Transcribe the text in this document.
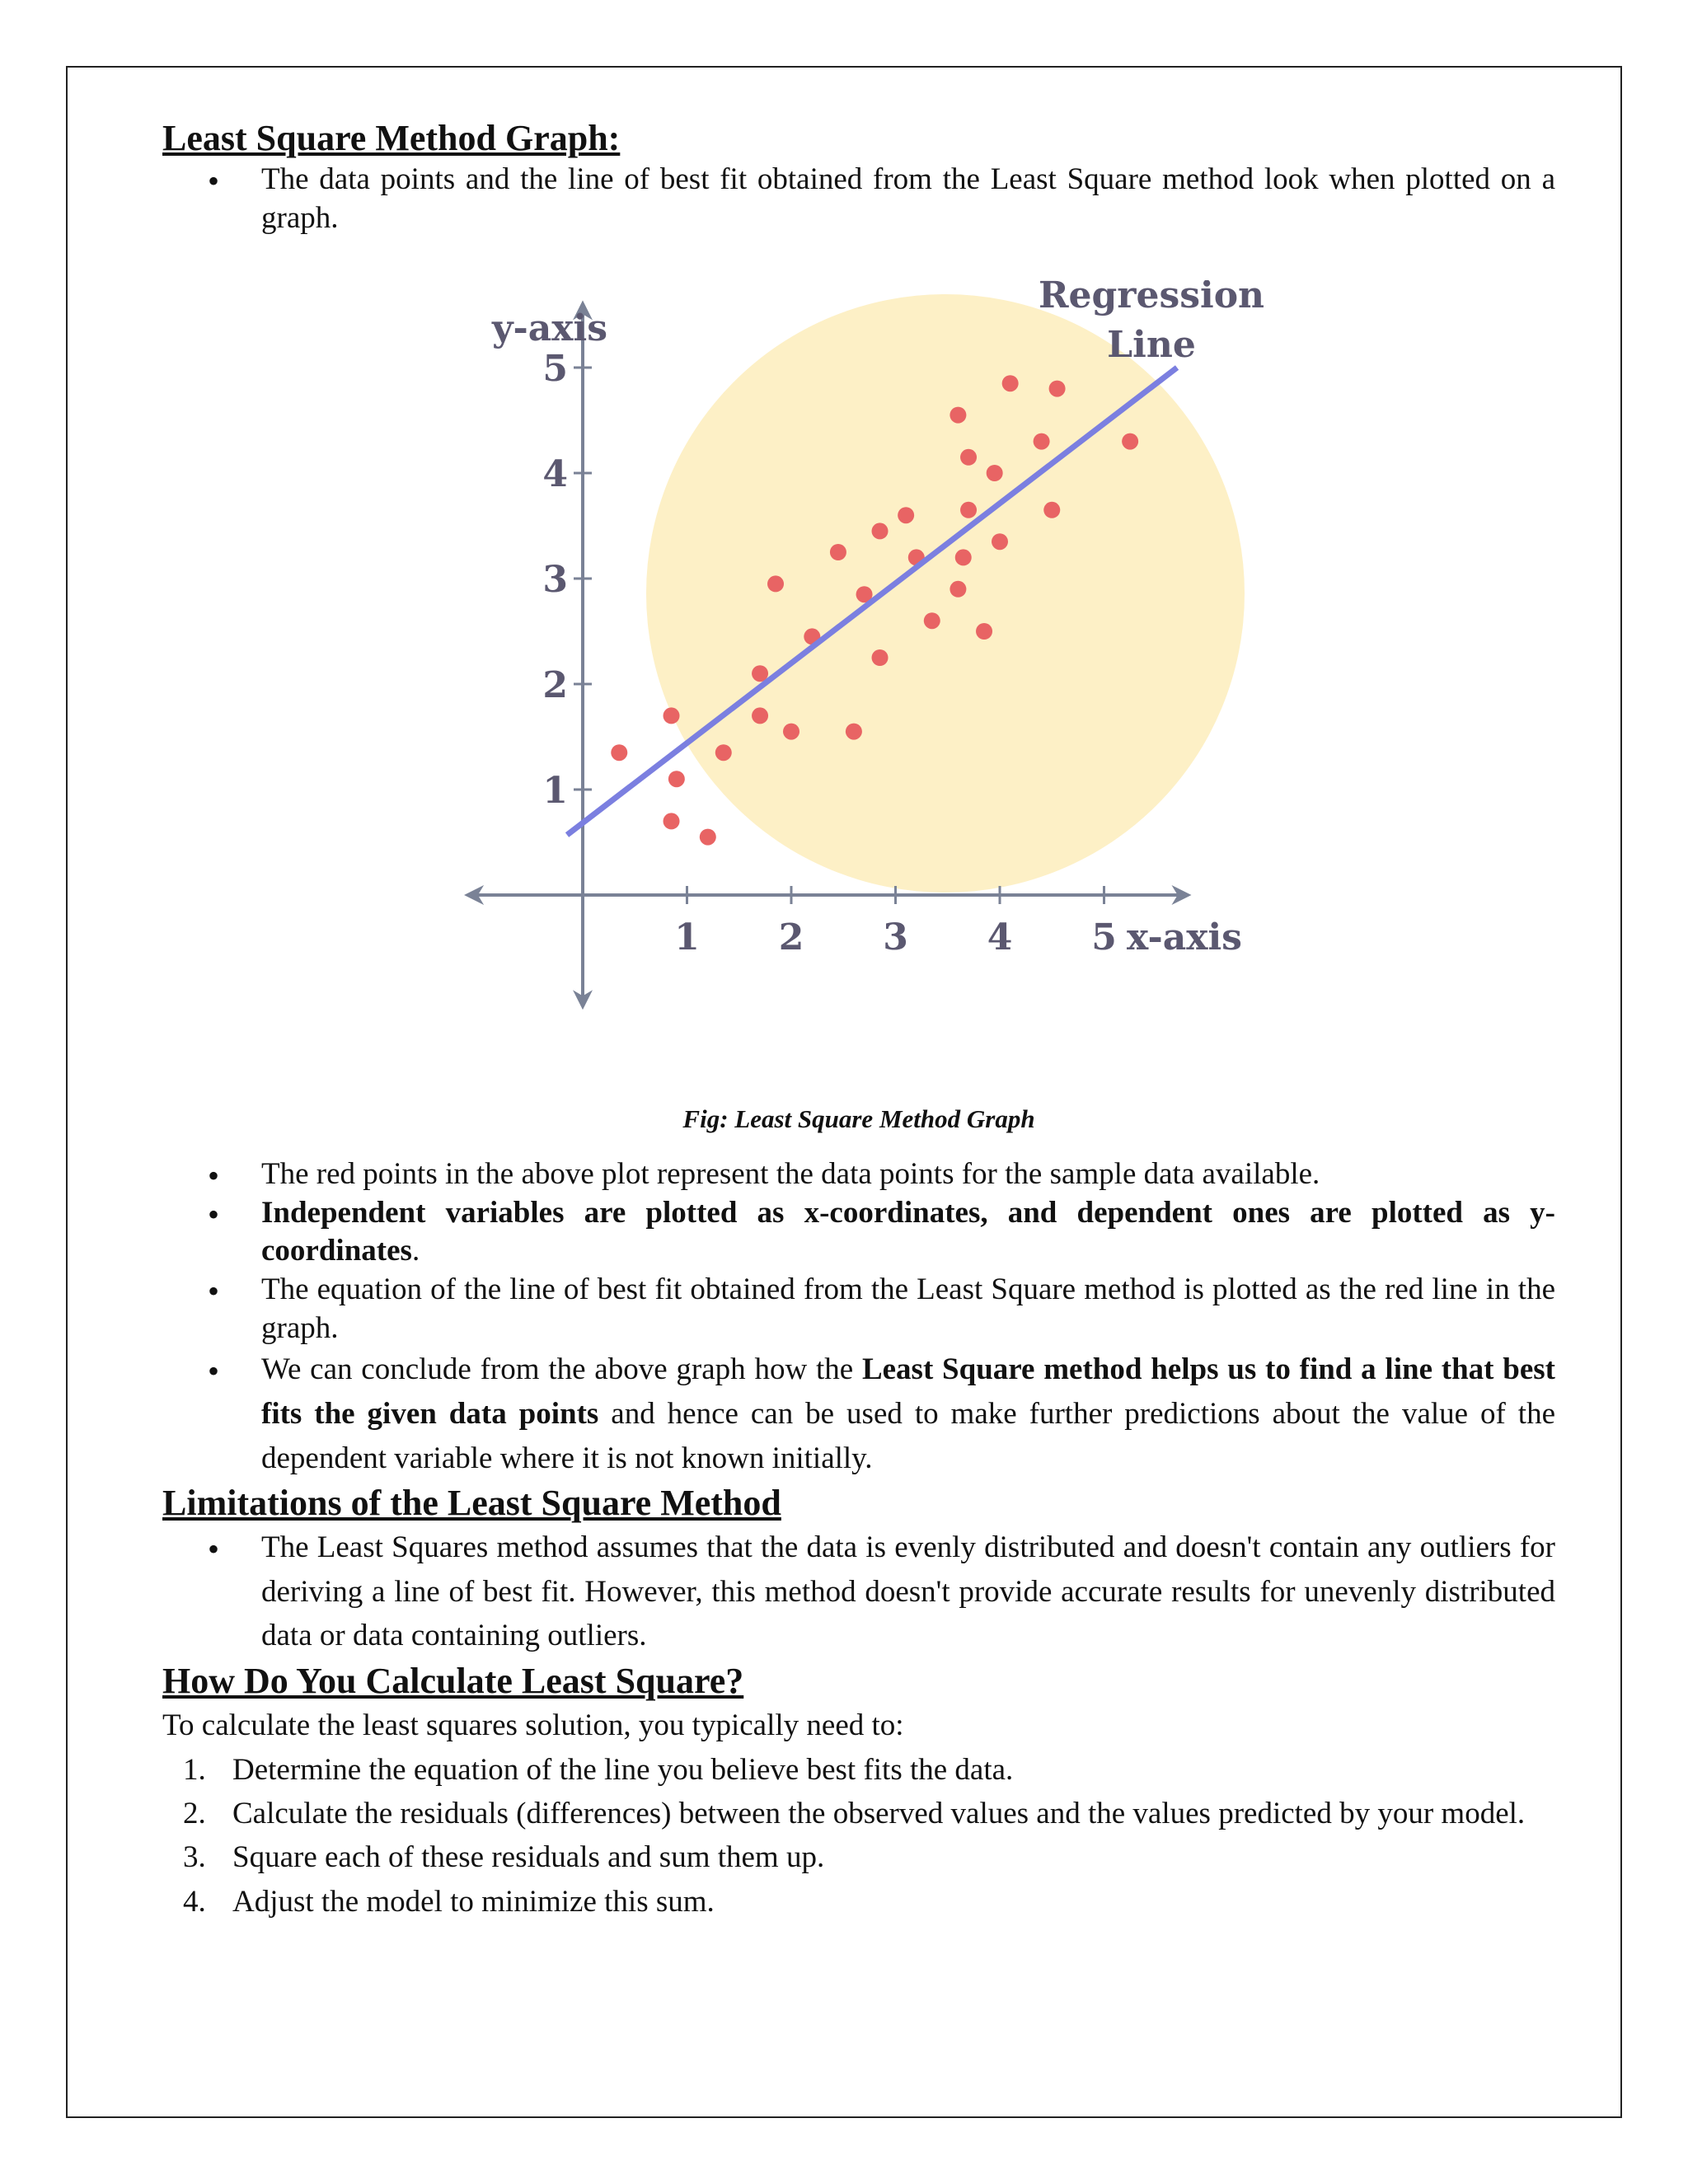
Least Square Method Graph:
• The data points and the line of best fit obtained from the Least Square method look when plotted on a graph.
1 2 3 4 5
1
2
3
4
5
y-axis
x-axis
Regression
Line
Fig: Least Square Method Graph
• The red points in the above plot represent the data points for the sample data available.
• Independent variables are plotted as x-coordinates, and dependent ones are plotted as y-coordinates.
• The equation of the line of best fit obtained from the Least Square method is plotted as the red line in the graph.
• We can conclude from the above graph how the Least Square method helps us to find a line that best fits the given data points and hence can be used to make further predictions about the value of the dependent variable where it is not known initially.
Limitations of the Least Square Method
• The Least Squares method assumes that the data is evenly distributed and doesn't contain any outliers for deriving a line of best fit. However, this method doesn't provide accurate results for unevenly distributed data or data containing outliers.
How Do You Calculate Least Square?

To calculate the least squares solution, you typically need to:

1. Determine the equation of the line you believe best fits the data.
2. Calculate the residuals (differences) between the observed values and the values predicted by your model.
3. Square each of these residuals and sum them up.
4. Adjust the model to minimize this sum.
